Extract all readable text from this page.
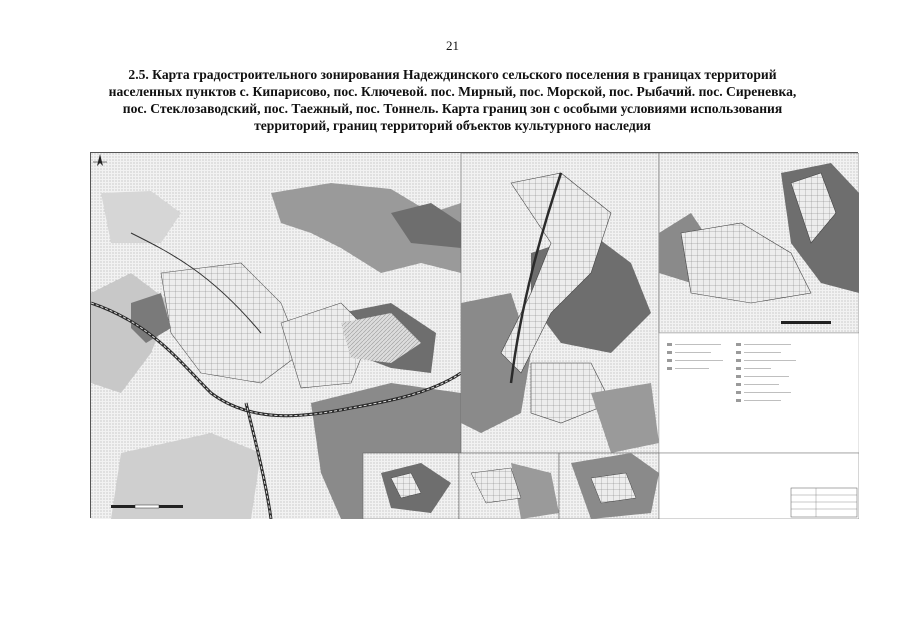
21
2.5. Карта градостроительного зонирования Надеждинского сельского поселения в границах территорий
населенных пунктов с. Кипарисово, пос. Ключевой. пос. Мирный, пос. Морской, пос. Рыбачий. пос. Сиреневка,
пос. Стеклозаводский, пос. Таежный, пос. Тоннель. Карта границ зон с особыми условиями использования
территорий, границ территорий объектов культурного наследия
